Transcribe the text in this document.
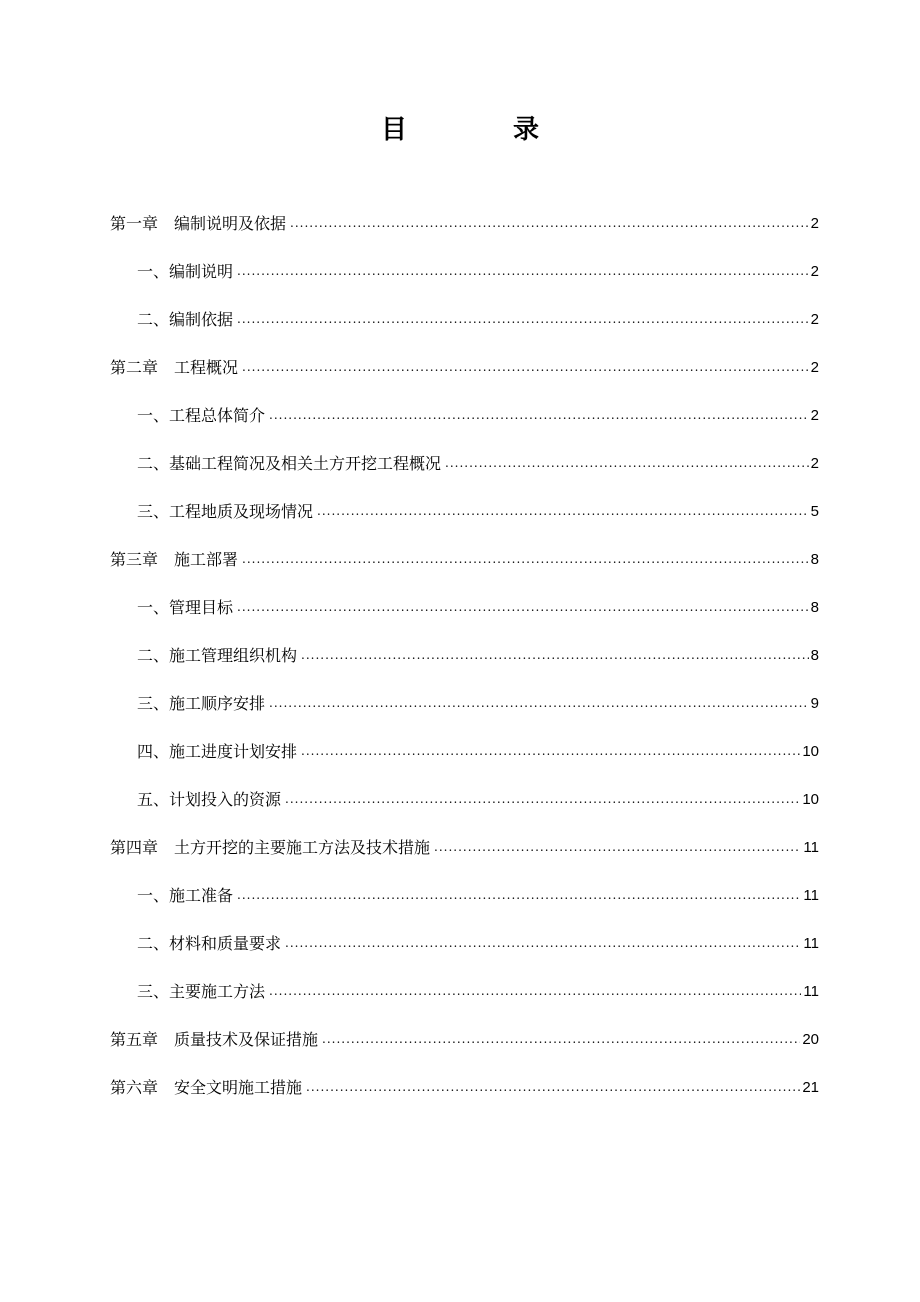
目　录
第一章　编制说明及依据 .....	2
一、编制说明 .....	2
二、编制依据 .....	2
第二章　工程概况 .....	2
一、工程总体简介 .....	2
二、基础工程简况及相关土方开挖工程概况 .....	2
三、工程地质及现场情况 .....	5
第三章　施工部署 .....	8
一、管理目标 .....	8
二、施工管理组织机构 .....	8
三、施工顺序安排 .....	9
四、施工进度计划安排 .....	10
五、计划投入的资源 .....	10
第四章　土方开挖的主要施工方法及技术措施 .....	11
一、施工准备 .....	11
二、材料和质量要求 .....	11
三、主要施工方法 .....	11
第五章　质量技术及保证措施 .....	20
第六章　安全文明施工措施 .....	21
